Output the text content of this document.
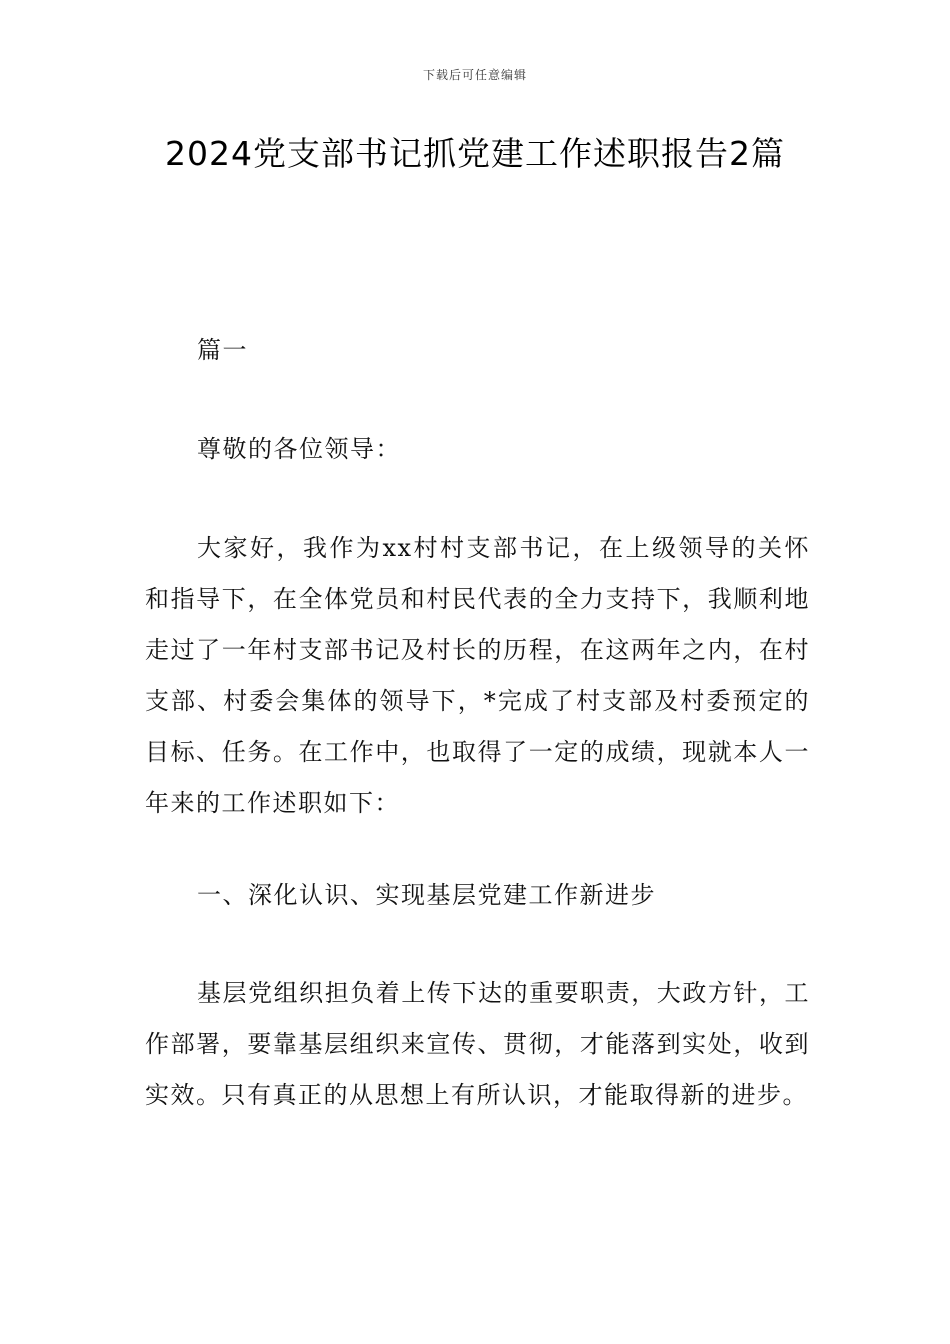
下载后可任意编辑
2024党支部书记抓党建工作述职报告2篇

篇一

尊敬的各位领导：

大家好，我作为xx村村支部书记，在上级领导的关怀和指导下，在全体党员和村民代表的全力支持下，我顺利地走过了一年村支部书记及村长的历程，在这两年之内，在村支部、村委会集体的领导下，*完成了村支部及村委预定的目标、任务。在工作中，也取得了一定的成绩，现就本人一年来的工作述职如下：

一、深化认识、实现基层党建工作新进步

基层党组织担负着上传下达的重要职责，大政方针，工作部署，要靠基层组织来宣传、贯彻，才能落到实处，收到实效。只有真正的从思想上有所认识，才能取得新的进步。
